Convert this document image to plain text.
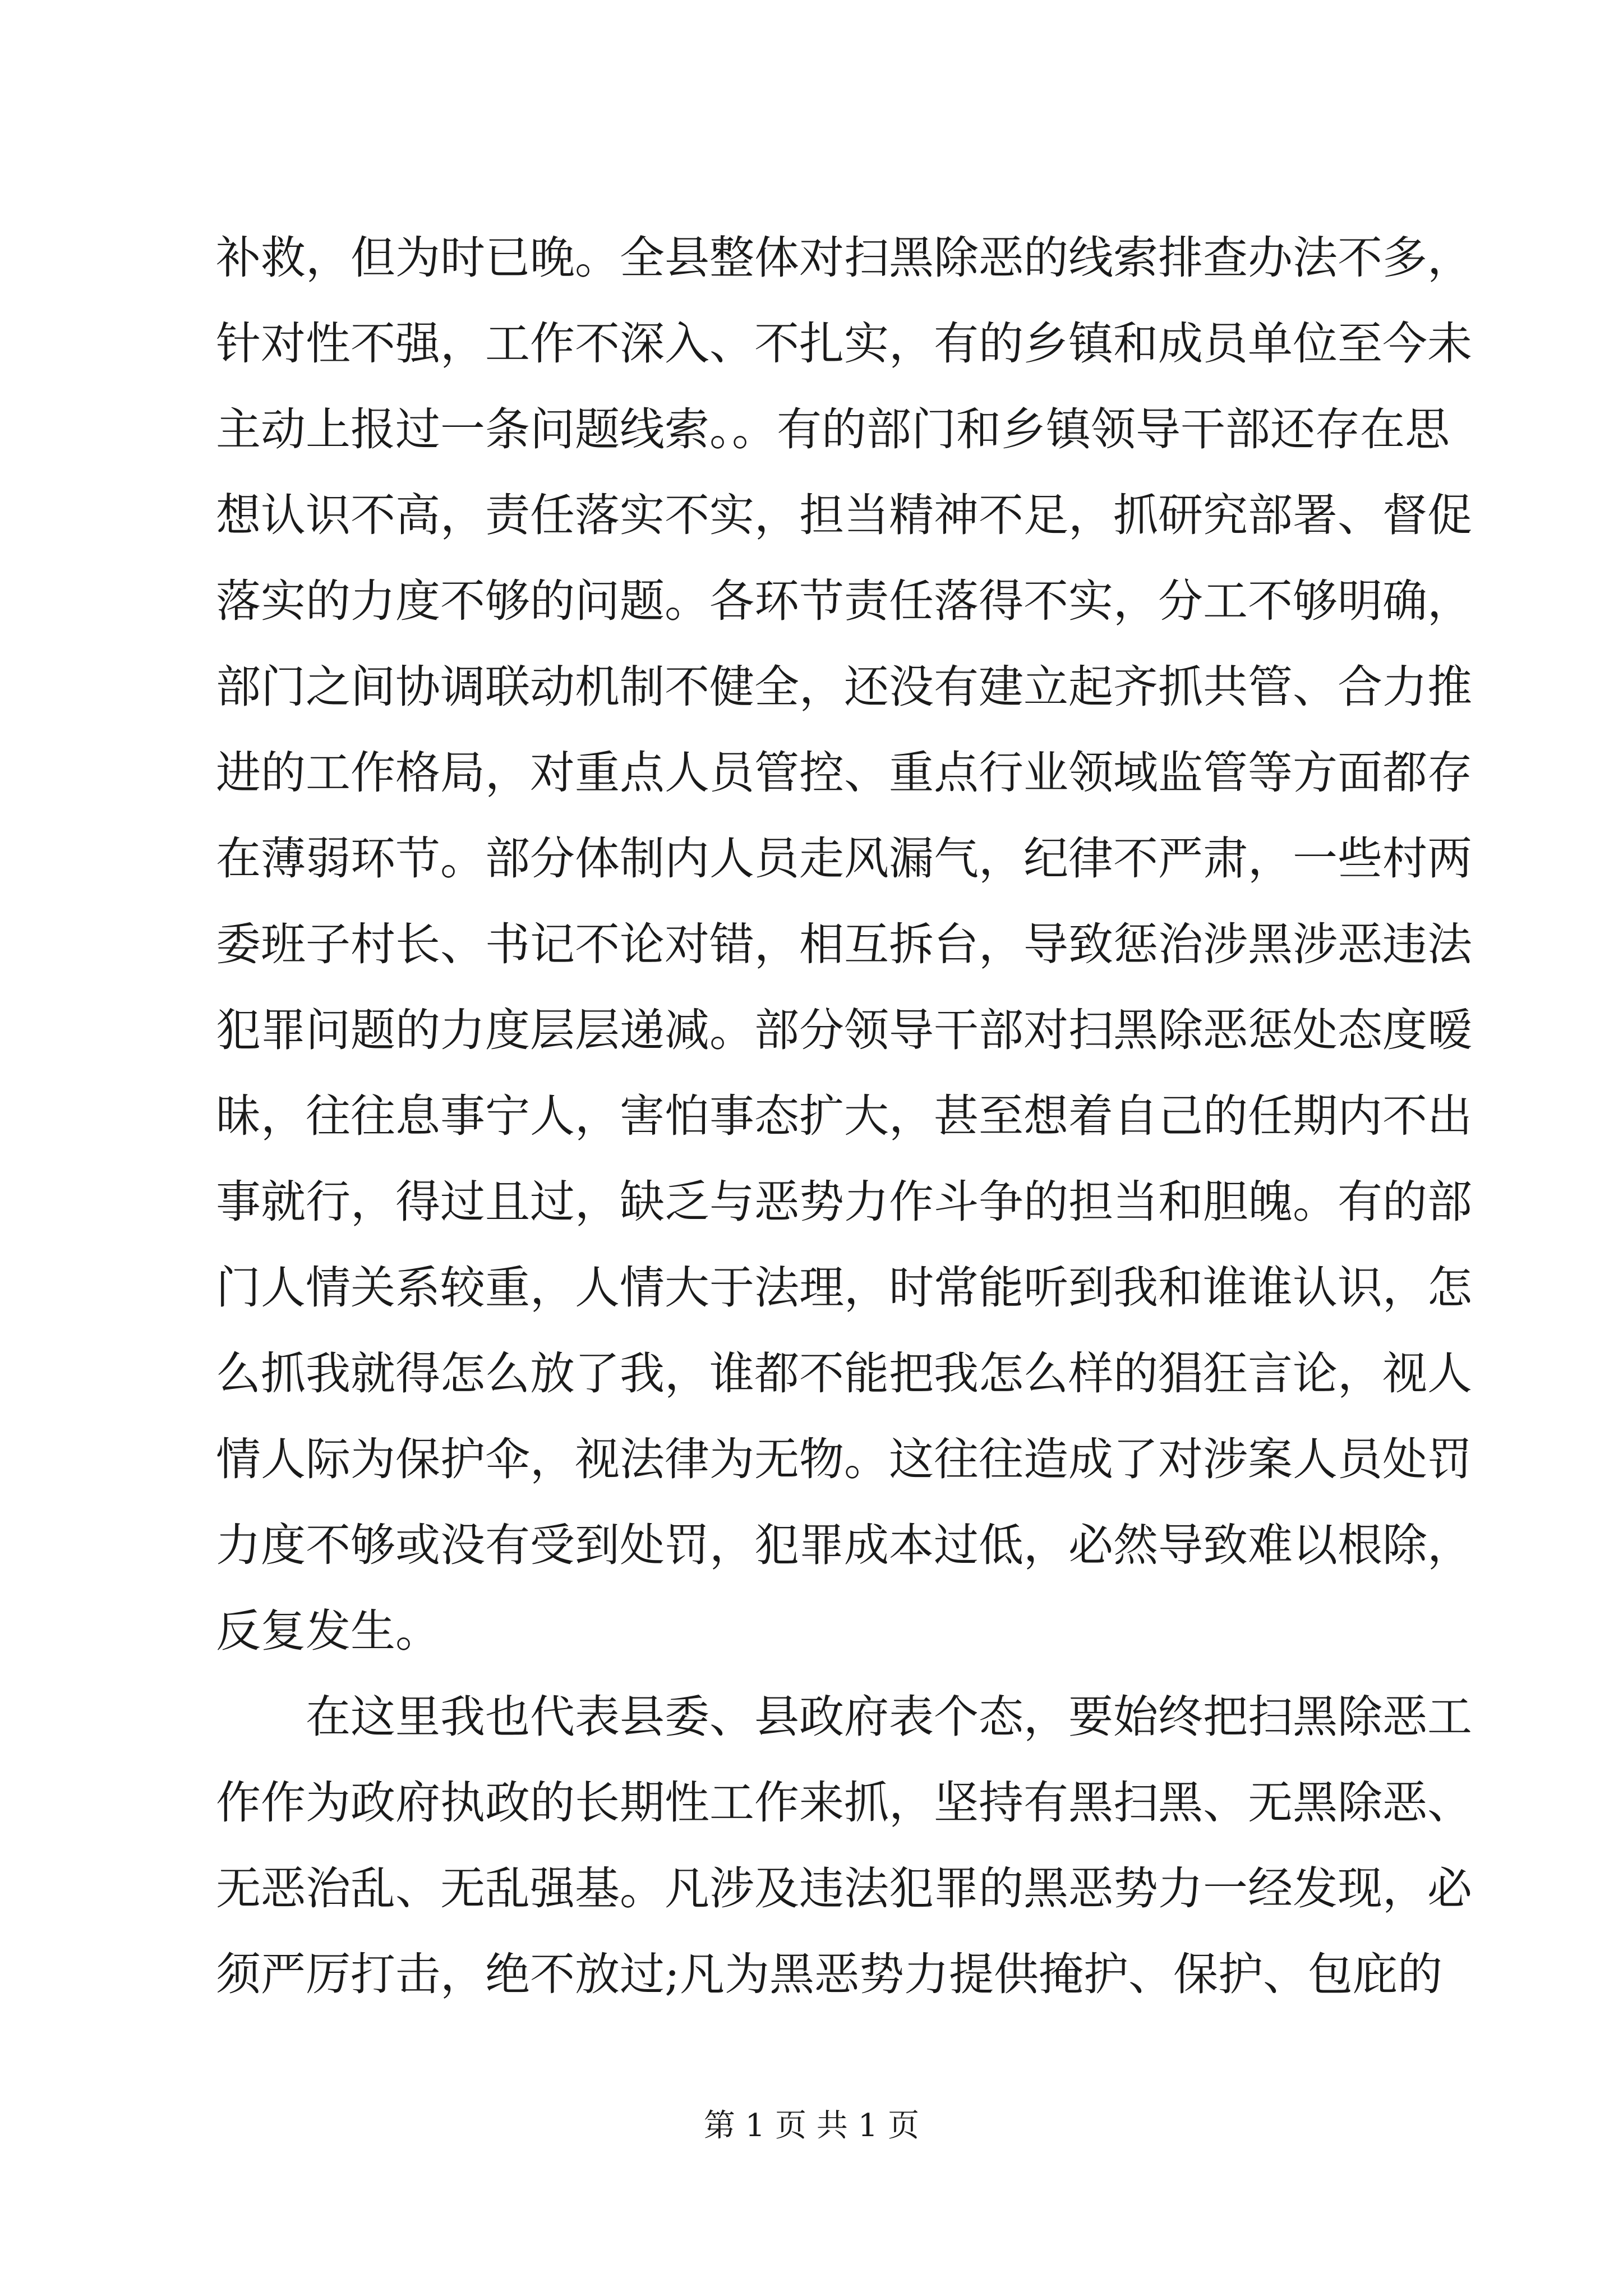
补救，但为时已晚。全县整体对扫黑除恶的线索排查办法不多，
针对性不强，工作不深入、不扎实，有的乡镇和成员单位至今未
主动上报过一条问题线索。。有的部门和乡镇领导干部还存在思
想认识不高，责任落实不实，担当精神不足，抓研究部署、督促
落实的力度不够的问题。各环节责任落得不实，分工不够明确，
部门之间协调联动机制不健全，还没有建立起齐抓共管、合力推
进的工作格局，对重点人员管控、重点行业领域监管等方面都存
在薄弱环节。部分体制内人员走风漏气，纪律不严肃，一些村两
委班子村长、书记不论对错，相互拆台，导致惩治涉黑涉恶违法
犯罪问题的力度层层递减。部分领导干部对扫黑除恶惩处态度暧
昧，往往息事宁人，害怕事态扩大，甚至想着自己的任期内不出
事就行，得过且过，缺乏与恶势力作斗争的担当和胆魄。有的部
门人情关系较重，人情大于法理，时常能听到我和谁谁认识，怎
么抓我就得怎么放了我，谁都不能把我怎么样的猖狂言论，视人
情人际为保护伞，视法律为无物。这往往造成了对涉案人员处罚
力度不够或没有受到处罚，犯罪成本过低，必然导致难以根除，
反复发生。
在这里我也代表县委、县政府表个态，要始终把扫黑除恶工
作作为政府执政的长期性工作来抓，坚持有黑扫黑、无黑除恶、
无恶治乱、无乱强基。凡涉及违法犯罪的黑恶势力一经发现，必
须严厉打击，绝不放过;凡为黑恶势力提供掩护、保护、包庇的
第 1 页 共 1 页
